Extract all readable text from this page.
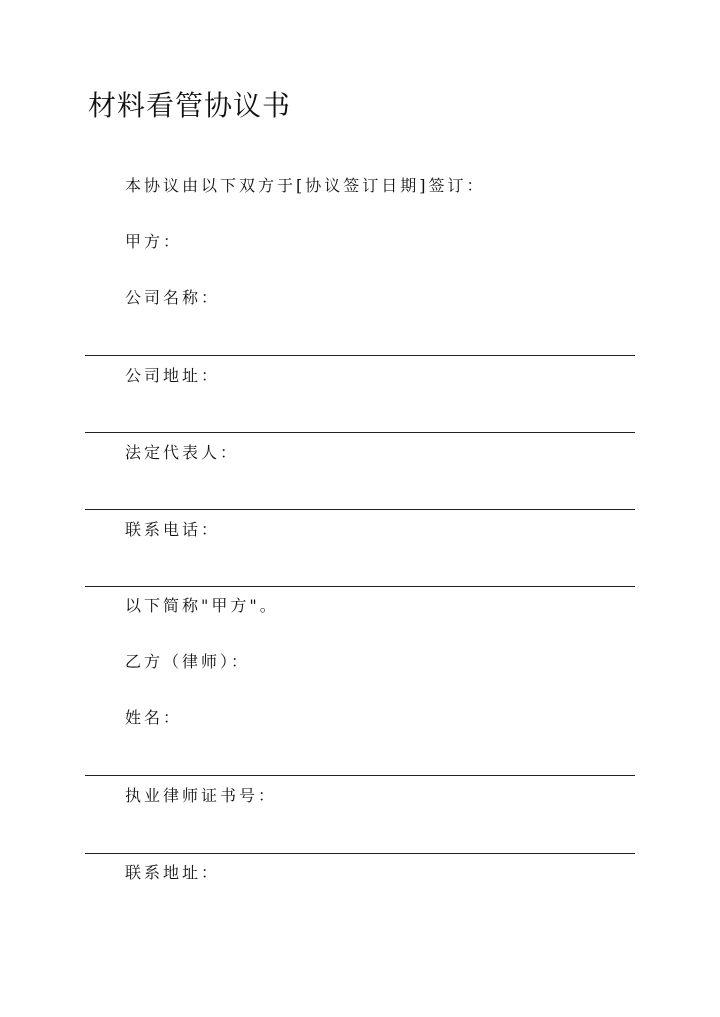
材料看管协议书
本协议由以下双方于[协议签订日期]签订：
甲方：
公司名称：
公司地址：
法定代表人：
联系电话：
以下简称"甲方"。
乙方（律师）：
姓名：
执业律师证书号：
联系地址：
